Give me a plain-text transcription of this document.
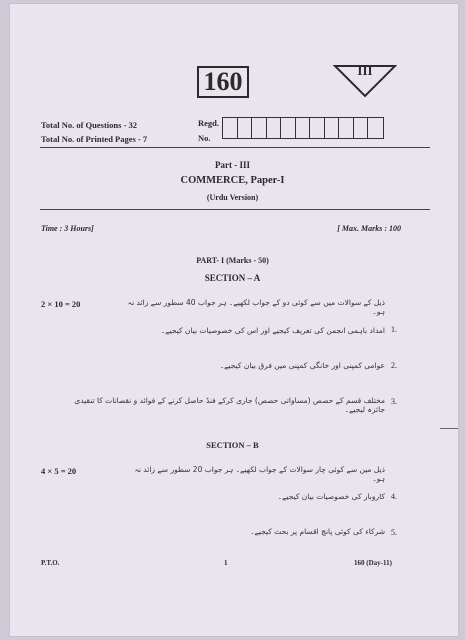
160	III
Total No. of Questions - 32
Total No. of Printed Pages - 7
Regd.
No.
Part - III
COMMERCE, Paper-I
(Urdu Version)
Time : 3 Hours]	[ Max. Marks : 100
PART- I (Marks - 50)
SECTION – A
2 × 10 = 20	ذیل کے سوالات میں سے کوئی دو کے جواب لکھیے۔ ہر جواب 40 سطور سے زائد نہ ہو۔
امداد باہمی انجمن کی تعریف کیجیے اور اس کی خصوصیات بیان کیجیے۔ 1.
عوامی کمپنی اور خانگی کمپنی میں فرق بیان کیجیے۔ 2.
مختلف قسم کے حصص (مساواتی حصص) جاری کرکے فنڈ حاصل کرنے کے فوائد و نقصانات کا تنقیدی جائزہ لیجیے۔
3.
SECTION – B
4 × 5 = 20	ذیل میں سے کوئی چار سوالات کے جواب لکھیے۔ ہر جواب 20 سطور سے زائد نہ ہو۔
کاروبار کی خصوصیات بیان کیجیے۔ 4.
شرکاء کی کوئی پانچ اقسام پر بحث کیجیے۔ 5.
P.T.O.	1	160 (Day-11)
